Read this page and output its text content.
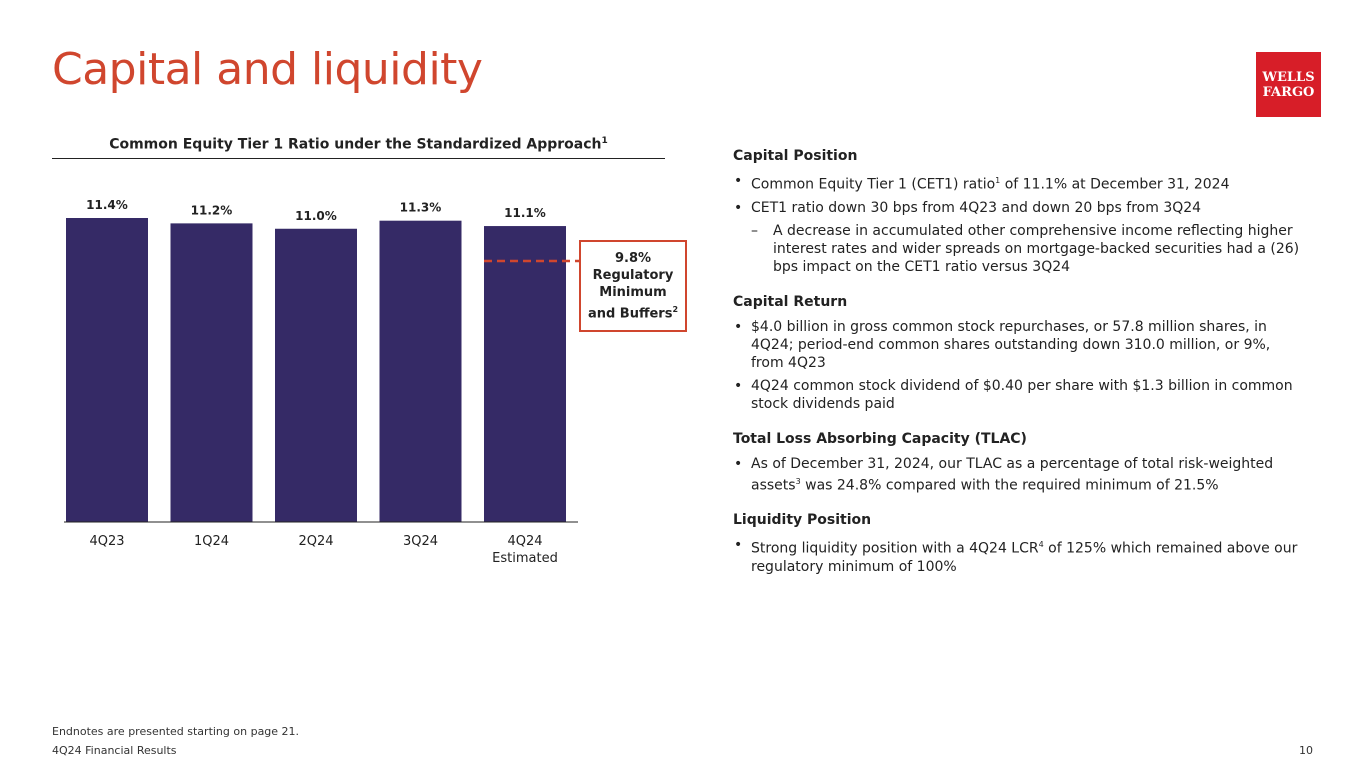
Capital and liquidity	WELLS
FARGO
Common Equity Tier 1 Ratio under the Standardized Approach$^1$
11.4%
4Q23
11.2%
1Q24
11.0%
2Q24
11.3%
3Q24
11.1%
4Q24
Estimated
9.8%
Regulatory
Minimum
and Buffers$^2$
Capital Position
• Common Equity Tier 1 (CET1) ratio$^1$ of 11.1% at December 31, 2024
• CET1 ratio down 30 bps from 4Q23 and down 20 bps from 3Q24
– A decrease in accumulated other comprehensive income reflecting higher interest rates and wider spreads on mortgage-backed securities had a (26) bps impact on the CET1 ratio versus 3Q24
Capital Return
• $4.0 billion in gross common stock repurchases, or 57.8 million shares, in 4Q24; period-end common shares outstanding down 310.0 million, or 9%, from 4Q23
• 4Q24 common stock dividend of $0.40 per share with $1.3 billion in common stock dividends paid
Total Loss Absorbing Capacity (TLAC)
• As of December 31, 2024, our TLAC as a percentage of total risk-weighted assets$^3$ was 24.8% compared with the required minimum of 21.5%
Liquidity Position
• Strong liquidity position with a 4Q24 LCR$^4$ of 125% which remained above our regulatory minimum of 100%
Endnotes are presented starting on page 21.
4Q24 Financial Results	10
